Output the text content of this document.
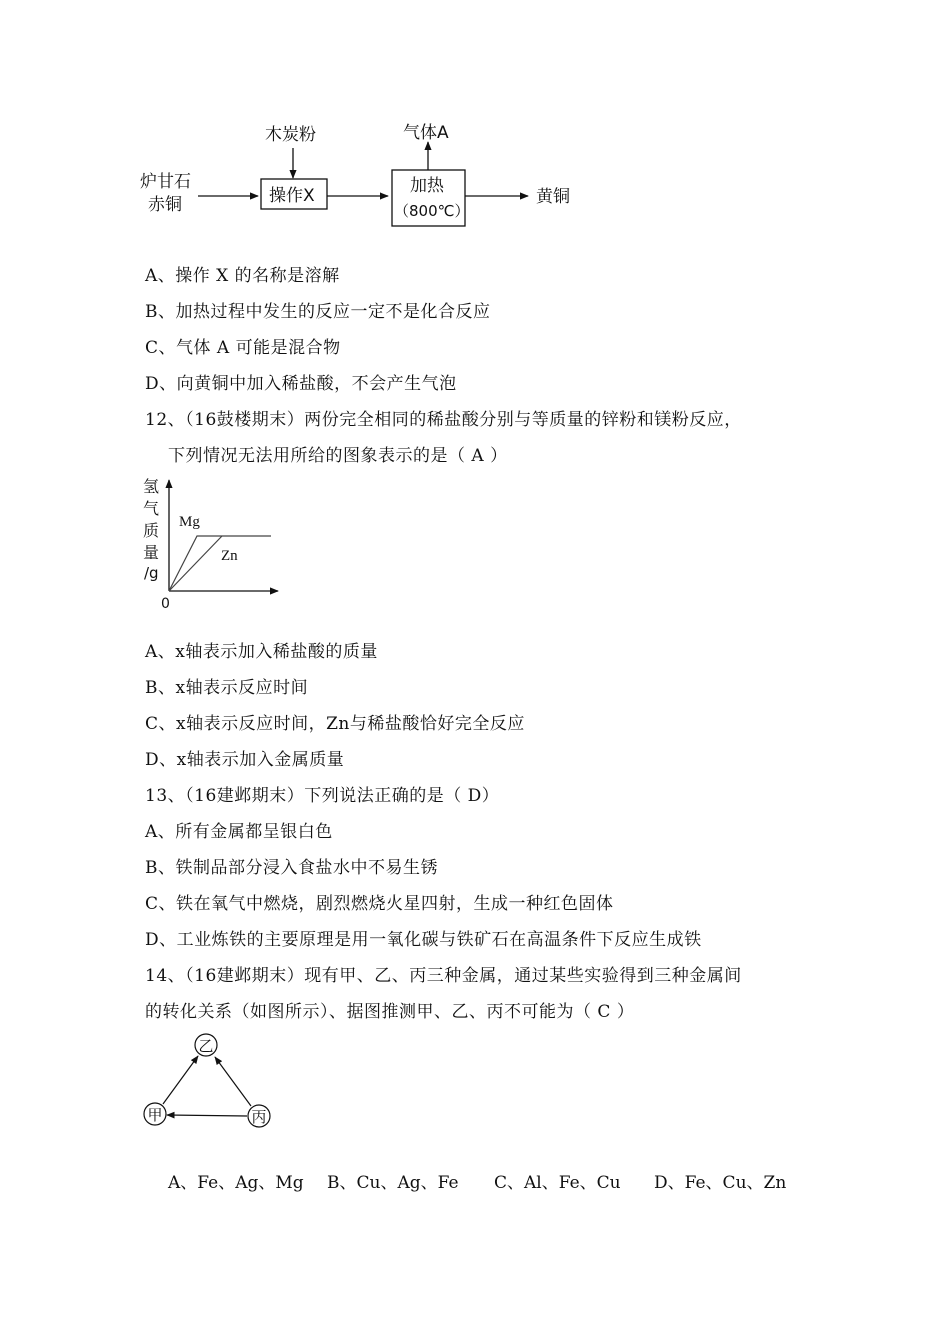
炉甘石
赤铜
木炭粉
操作X	加热
（800℃）
气体A
黄铜
A、操作 X 的名称是溶解
B、加热过程中发生的反应一定不是化合反应
C、气体 A 可能是混合物
D、向黄铜中加入稀盐酸，不会产生气泡
12、（16鼓楼期末）两份完全相同的稀盐酸分别与等质量的锌粉和镁粉反应，
下列情况无法用所给的图象表示的是（ A ）
氢
气
质
量
/g
0
Mg
Zn
A、x轴表示加入稀盐酸的质量
B、x轴表示反应时间
C、x轴表示反应时间，Zn与稀盐酸恰好完全反应
D、x轴表示加入金属质量
13、（16建邺期末）下列说法正确的是（ D）
A、所有金属都呈银白色
B、铁制品部分浸入食盐水中不易生锈
C、铁在氧气中燃烧，剧烈燃烧火星四射，生成一种红色固体
D、工业炼铁的主要原理是用一氧化碳与铁矿石在高温条件下反应生成铁
14、（16建邺期末）现有甲、乙、丙三种金属，通过某些实验得到三种金属间
的转化关系（如图所示）、据图推测甲、乙、丙不可能为（ C ）
乙
甲	丙
A、Fe、Ag、Mg B、Cu、Ag、Fe C、Al、Fe、Cu D、Fe、Cu、Zn
